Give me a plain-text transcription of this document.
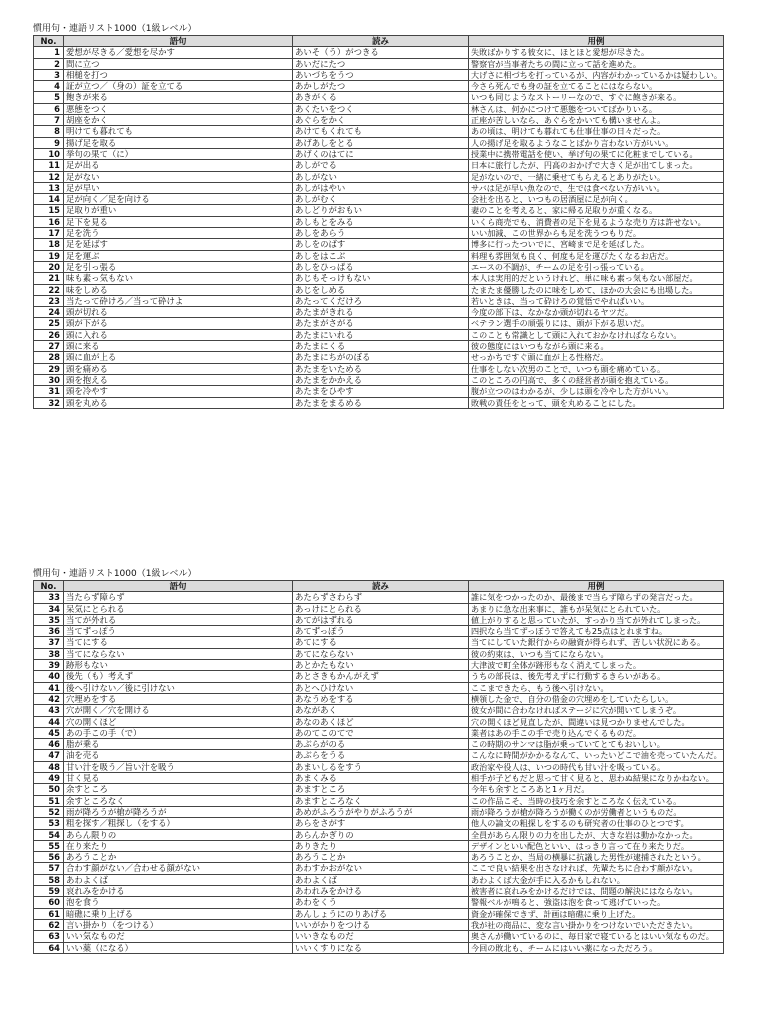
慣用句・連語リスト1000（1級レベル）
No.	語句	読み	用例
1	愛想が尽きる／愛想を尽かす	あいそ（う）がつきる	失敗ばかりする彼女に、ほとほと愛想が尽きた。
2	間に立つ	あいだにたつ	警察官が当事者たちの間に立って話を進めた。
3	相槌を打つ	あいづちをうつ	大げさに相づちを打っているが、内容がわかっているかは疑わしい。
4	証が立つ／（身の）証を立てる	あかしがたつ	今さら死んでも身の証を立てることにはならない。
5	飽きが来る	あきがくる	いつも同じようなストーリーなので、すぐに飽きが来る。
6	悪態をつく	あくたいをつく	林さんは、何かにつけて悪態をついてばかりいる。
7	胡座をかく	あぐらをかく	正座が苦しいなら、あぐらをかいても構いませんよ。
8	明けても暮れても	あけてもくれても	あの頃は、明けても暮れても仕事仕事の日々だった。
9	揚げ足を取る	あげあしをとる	人の揚げ足を取るようなことばかり言わない方がいい。
10	挙句の果て（に）	あげくのはてに	授業中に携帯電話を使い、挙げ句の果てに化粧までしている。
11	足が出る	あしがでる	日本に旅行したが、円高のおかげで大きく足が出てしまった。
12	足がない	あしがない	足がないので、一緒に乗せてもらえるとありがたい。
13	足が早い	あしがはやい	サバは足が早い魚なので、生では食べない方がいい。
14	足が向く／足を向ける	あしがむく	会社を出ると、いつもの居酒屋に足が向く。
15	足取りが重い	あしどりがおもい	妻のことを考えると、家に帰る足取りが重くなる。
16	足下を見る	あしもとをみる	いくら商売でも、消費者の足下を見るような売り方は許せない。
17	足を洗う	あしをあらう	いい加減、この世界からも足を洗うつもりだ。
18	足を延ばす	あしをのばす	博多に行ったついでに、宮崎まで足を延ばした。
19	足を運ぶ	あしをはこぶ	料理も雰囲気も良く、何度も足を運びたくなるお店だ。
20	足を引っ張る	あしをひっぱる	エースの不調が、チームの足を引っ張っている。
21	味も素っ気もない	あじもそっけもない	本人は実用的だというけれど、単に味も素っ気もない部屋だ。
22	味をしめる	あじをしめる	たまたま優勝したのに味をしめて、ほかの大会にも出場した。
23	当たって砕けろ／当って砕けよ	あたってくだけろ	若いときは、当って砕けろの覚悟でやればいい。
24	頭が切れる	あたまがきれる	今度の部下は、なかなか頭が切れるヤツだ。
25	頭が下がる	あたまがさがる	ベテラン選手の頑張りには、頭が下がる思いだ。
26	頭に入れる	あたまにいれる	このことも常識として頭に入れておかなければならない。
27	頭に来る	あたまにくる	彼の態度にはいつもながら頭に来る。
28	頭に血が上る	あたまにちがのぼる	せっかちですぐ頭に血が上る性格だ。
29	頭を痛める	あたまをいためる	仕事をしない次男のことで、いつも頭を痛めている。
30	頭を抱える	あたまをかかえる	このところの円高で、多くの経営者が頭を抱えている。
31	頭を冷やす	あたまをひやす	腹が立つのはわかるが、少しは頭を冷やした方がいい。
32	頭を丸める	あたまをまるめる	敗戦の責任をとって、頭を丸めることにした。
慣用句・連語リスト1000（1級レベル）
No.	語句	読み	用例
33	当たらず障らず	あたらずさわらず	誰に気をつかったのか、最後まで当らず障らずの発言だった。
34	呆気にとられる	あっけにとられる	あまりに急な出来事に、誰もが呆気にとられていた。
35	当てが外れる	あてがはずれる	値上がりすると思っていたが、すっかり当てが外れてしまった。
36	当てずっぽう	あてずっぽう	四択なら当てずっぽうで答えても25点はとれますね。
37	当てにする	あてにする	当てにしていた銀行からの融資が得られず、苦しい状況にある。
38	当てにならない	あてにならない	彼の約束は、いつも当てにならない。
39	跡形もない	あとかたもない	大津波で町全体が跡形もなく消えてしまった。
40	後先（も）考えず	あとさきもかんがえず	うちの部長は、後先考えずに行動するきらいがある。
41	後へ引けない／後に引けない	あとへひけない	ここまできたら、もう後へ引けない。
42	穴埋めをする	あなうめをする	横領した金で、自分の借金の穴埋めをしていたらしい。
43	穴が開く／穴を開ける	あながあく	彼女が間に合わなければステージに穴が開いてしまうぞ。
44	穴の開くほど	あなのあくほど	穴の開くほど見直したが、間違いは見つかりませんでした。
45	あの手この手（で）	あのてこのてで	業者はあの手この手で売り込んでくるものだ。
46	脂が乗る	あぶらがのる	この時期のサンマは脂が乗っていてとてもおいしい。
47	油を売る	あぶらをうる	こんなに時間がかかるなんて、いったいどこで油を売っていたんだ。
48	甘い汁を吸う／旨い汁を吸う	あまいしるをすう	政治家や役人は、いつの時代も甘い汁を吸っている。
49	甘く見る	あまくみる	相手が子どもだと思って甘く見ると、思わぬ結果になりかねない。
50	余すところ	あますところ	今年も余すところあと1ヶ月だ。
51	余すところなく	あますところなく	この作品こそ、当時の技巧を余すところなく伝えている。
52	雨が降ろうが槍が降ろうが	あめがふろうがやりがふろうが	雨が降ろうが槍が降ろうが働くのが労働者というものだ。
53	粗を探す／粗探し（をする）	あらをさがす	他人の論文の粗探しをするのも研究者の仕事のひとつです。
54	あらん限りの	あらんかぎりの	全員があらん限りの力を出したが、大きな岩は動かなかった。
55	在り来たり	ありきたり	デザインといい配色といい、はっきり言って在り来たりだ。
56	あろうことか	あろうことか	あろうことか、当局の横暴に抗議した男性が逮捕されたという。
57	合わす顔がない／合わせる顔がない	あわすかおがない	ここで良い結果を出さなければ、先輩たちに合わす顔がない。
58	あわよくば	あわよくば	あわよくば大金が手に入るかもしれない。
59	哀れみをかける	あわれみをかける	被害者に哀れみをかけるだけでは、問題の解決にはならない。
60	泡を食う	あわをくう	警報ベルが鳴ると、強盗は泡を食って逃げていった。
61	暗礁に乗り上げる	あんしょうにのりあげる	資金が確保できず、計画は暗礁に乗り上げた。
62	言い掛かり（をつける）	いいがかりをつける	我が社の商品に、変な言い掛かりをつけないでいただきたい。
63	いい気なものだ	いいきなものだ	奥さんが働いているのに、毎日家で寝ているとはいい気なものだ。
64	いい薬（になる）	いいくすりになる	今回の敗北も、チームにはいい薬になっただろう。
